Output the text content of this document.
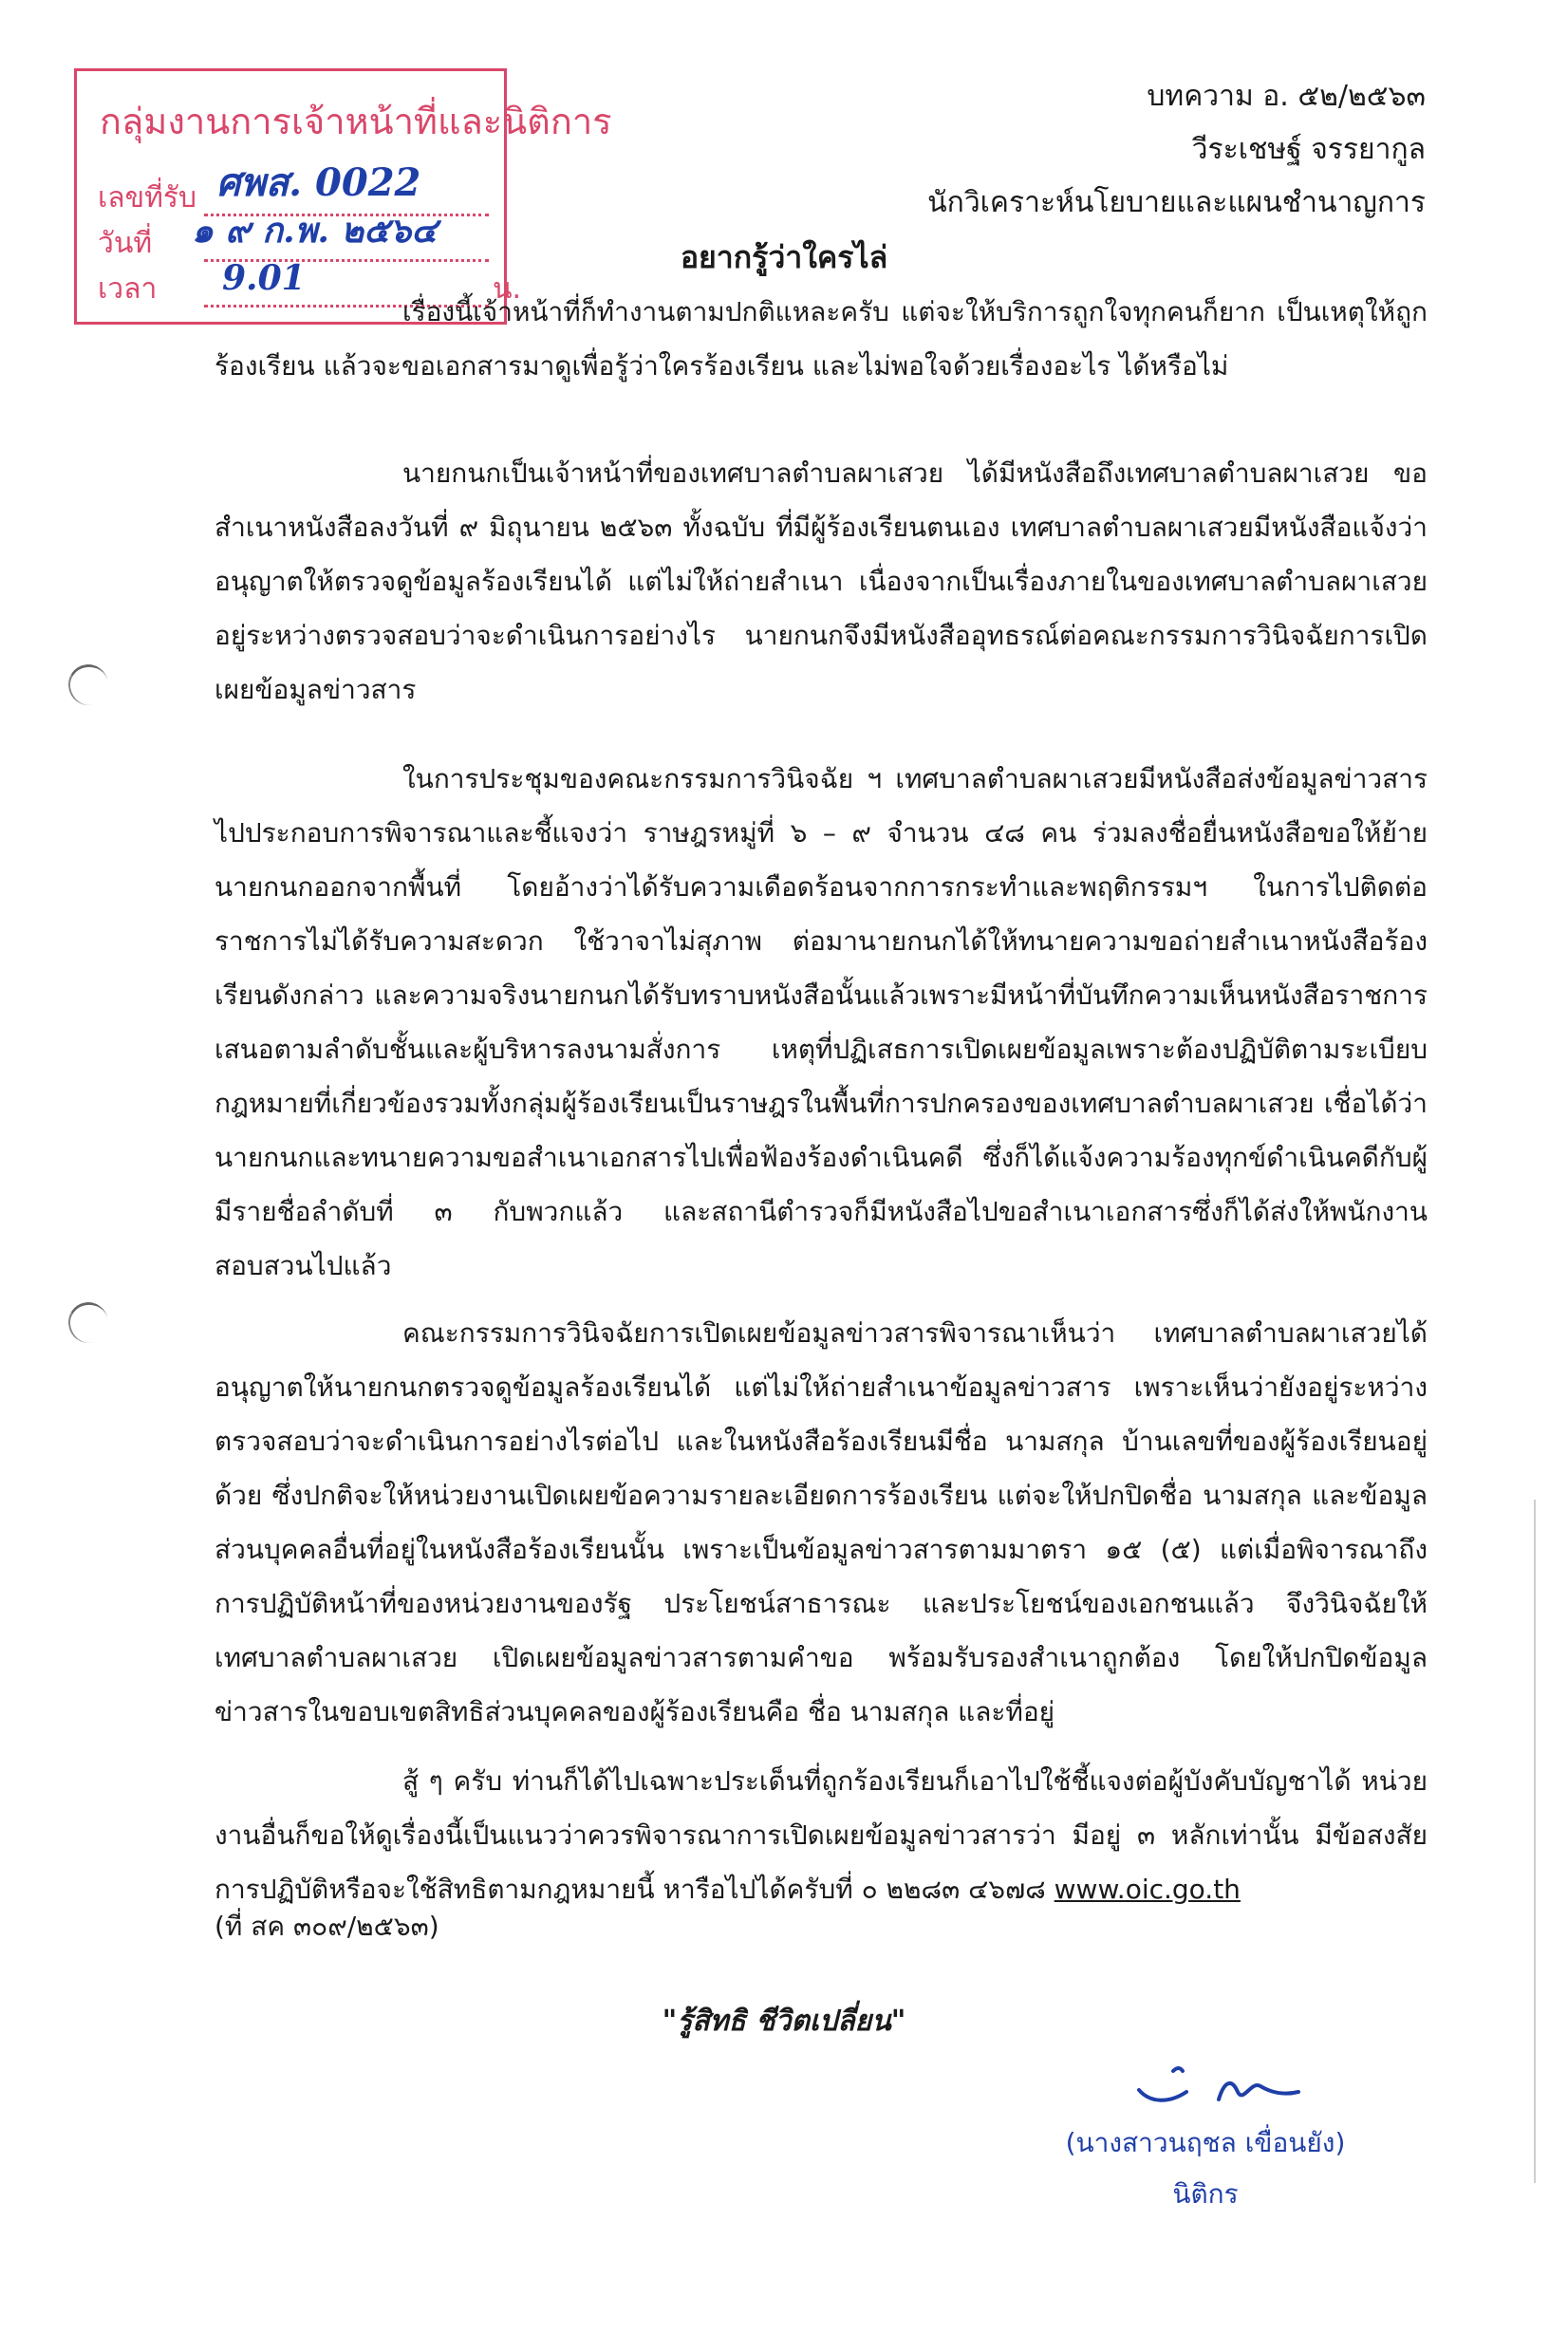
กลุ่มงานการเจ้าหน้าที่และนิติการ
เลขที่รับ
วันที่
เวลา	น.
ศพส. 0022
๑ ๙ ก.พ. ๒๕๖๔
9.01
บทความ อ. ๕๒/๒๕๖๓
วีระเชษฐ์ จรรยากูล
นักวิเคราะห์นโยบายและแผนชำนาญการ
อยากรู้ว่าใครไล่

เรื่องนี้เจ้าหน้าที่ก็ทำงานตามปกติแหละครับ แต่จะให้บริการถูกใจทุกคนก็ยาก เป็นเหตุให้ถูกร้องเรียน แล้วจะขอเอกสารมาดูเพื่อรู้ว่าใครร้องเรียน และไม่พอใจด้วยเรื่องอะไร ได้หรือไม่

นายกนกเป็นเจ้าหน้าที่ของเทศบาลตำบลผาเสวย ได้มีหนังสือถึงเทศบาลตำบลผาเสวย ขอสำเนาหนังสือลงวันที่ ๙ มิถุนายน ๒๕๖๓ ทั้งฉบับ ที่มีผู้ร้องเรียนตนเอง เทศบาลตำบลผาเสวยมีหนังสือแจ้งว่าอนุญาตให้ตรวจดูข้อมูลร้องเรียนได้ แต่ไม่ให้ถ่ายสำเนา เนื่องจากเป็นเรื่องภายในของเทศบาลตำบลผาเสวย อยู่ระหว่างตรวจสอบว่าจะดำเนินการอย่างไร นายกนกจึงมีหนังสืออุทธรณ์ต่อคณะกรรมการวินิจฉัยการเปิดเผยข้อมูลข่าวสาร

ในการประชุมของคณะกรรมการวินิจฉัย ฯ เทศบาลตำบลผาเสวยมีหนังสือส่งข้อมูลข่าวสารไปประกอบการพิจารณาและชี้แจงว่า ราษฎรหมู่ที่ ๖ – ๙ จำนวน ๔๘ คน ร่วมลงชื่อยื่นหนังสือขอให้ย้ายนายกนกออกจากพื้นที่ โดยอ้างว่าได้รับความเดือดร้อนจากการกระทำและพฤติกรรมฯ ในการไปติดต่อราชการไม่ได้รับความสะดวก ใช้วาจาไม่สุภาพ ต่อมานายกนกได้ให้ทนายความขอถ่ายสำเนาหนังสือร้องเรียนดังกล่าว และความจริงนายกนกได้รับทราบหนังสือนั้นแล้วเพราะมีหน้าที่บันทึกความเห็นหนังสือราชการเสนอตามลำดับชั้นและผู้บริหารลงนามสั่งการ เหตุที่ปฏิเสธการเปิดเผยข้อมูลเพราะต้องปฏิบัติตามระเบียบ กฎหมายที่เกี่ยวข้องรวมทั้งกลุ่มผู้ร้องเรียนเป็นราษฎรในพื้นที่การปกครองของเทศบาลตำบลผาเสวย เชื่อได้ว่านายกนกและทนายความขอสำเนาเอกสารไปเพื่อฟ้องร้องดำเนินคดี ซึ่งก็ได้แจ้งความร้องทุกข์ดำเนินคดีกับผู้มีรายชื่อลำดับที่ ๓ กับพวกแล้ว และสถานีตำรวจก็มีหนังสือไปขอสำเนาเอกสารซึ่งก็ได้ส่งให้พนักงานสอบสวนไปแล้ว

คณะกรรมการวินิจฉัยการเปิดเผยข้อมูลข่าวสารพิจารณาเห็นว่า เทศบาลตำบลผาเสวยได้อนุญาตให้นายกนกตรวจดูข้อมูลร้องเรียนได้ แต่ไม่ให้ถ่ายสำเนาข้อมูลข่าวสาร เพราะเห็นว่ายังอยู่ระหว่างตรวจสอบว่าจะดำเนินการอย่างไรต่อไป และในหนังสือร้องเรียนมีชื่อ นามสกุล บ้านเลขที่ของผู้ร้องเรียนอยู่ด้วย ซึ่งปกติจะให้หน่วยงานเปิดเผยข้อความรายละเอียดการร้องเรียน แต่จะให้ปกปิดชื่อ นามสกุล และข้อมูลส่วนบุคคลอื่นที่อยู่ในหนังสือร้องเรียนนั้น เพราะเป็นข้อมูลข่าวสารตามมาตรา ๑๕ (๕) แต่เมื่อพิจารณาถึงการปฏิบัติหน้าที่ของหน่วยงานของรัฐ ประโยชน์สาธารณะ และประโยชน์ของเอกชนแล้ว จึงวินิจฉัยให้เทศบาลตำบลผาเสวย เปิดเผยข้อมูลข่าวสารตามคำขอ พร้อมรับรองสำเนาถูกต้อง โดยให้ปกปิดข้อมูลข่าวสารในขอบเขตสิทธิส่วนบุคคลของผู้ร้องเรียนคือ ชื่อ นามสกุล และที่อยู่

สู้ ๆ ครับ ท่านก็ได้ไปเฉพาะประเด็นที่ถูกร้องเรียนก็เอาไปใช้ชี้แจงต่อผู้บังคับบัญชาได้ หน่วยงานอื่นก็ขอให้ดูเรื่องนี้เป็นแนวว่าควรพิจารณาการเปิดเผยข้อมูลข่าวสารว่า มีอยู่ ๓ หลักเท่านั้น มีข้อสงสัยการปฏิบัติหรือจะใช้สิทธิตามกฎหมายนี้ หารือไปได้ครับที่ ๐ ๒๒๘๓ ๔๖๗๘ www.oic.go.th

(ที่ สค ๓๐๙/๒๕๖๓)
"รู้สิทธิ ชีวิตเปลี่ยน"
(นางสาวนฤชล เขื่อนยัง)
นิติกร
